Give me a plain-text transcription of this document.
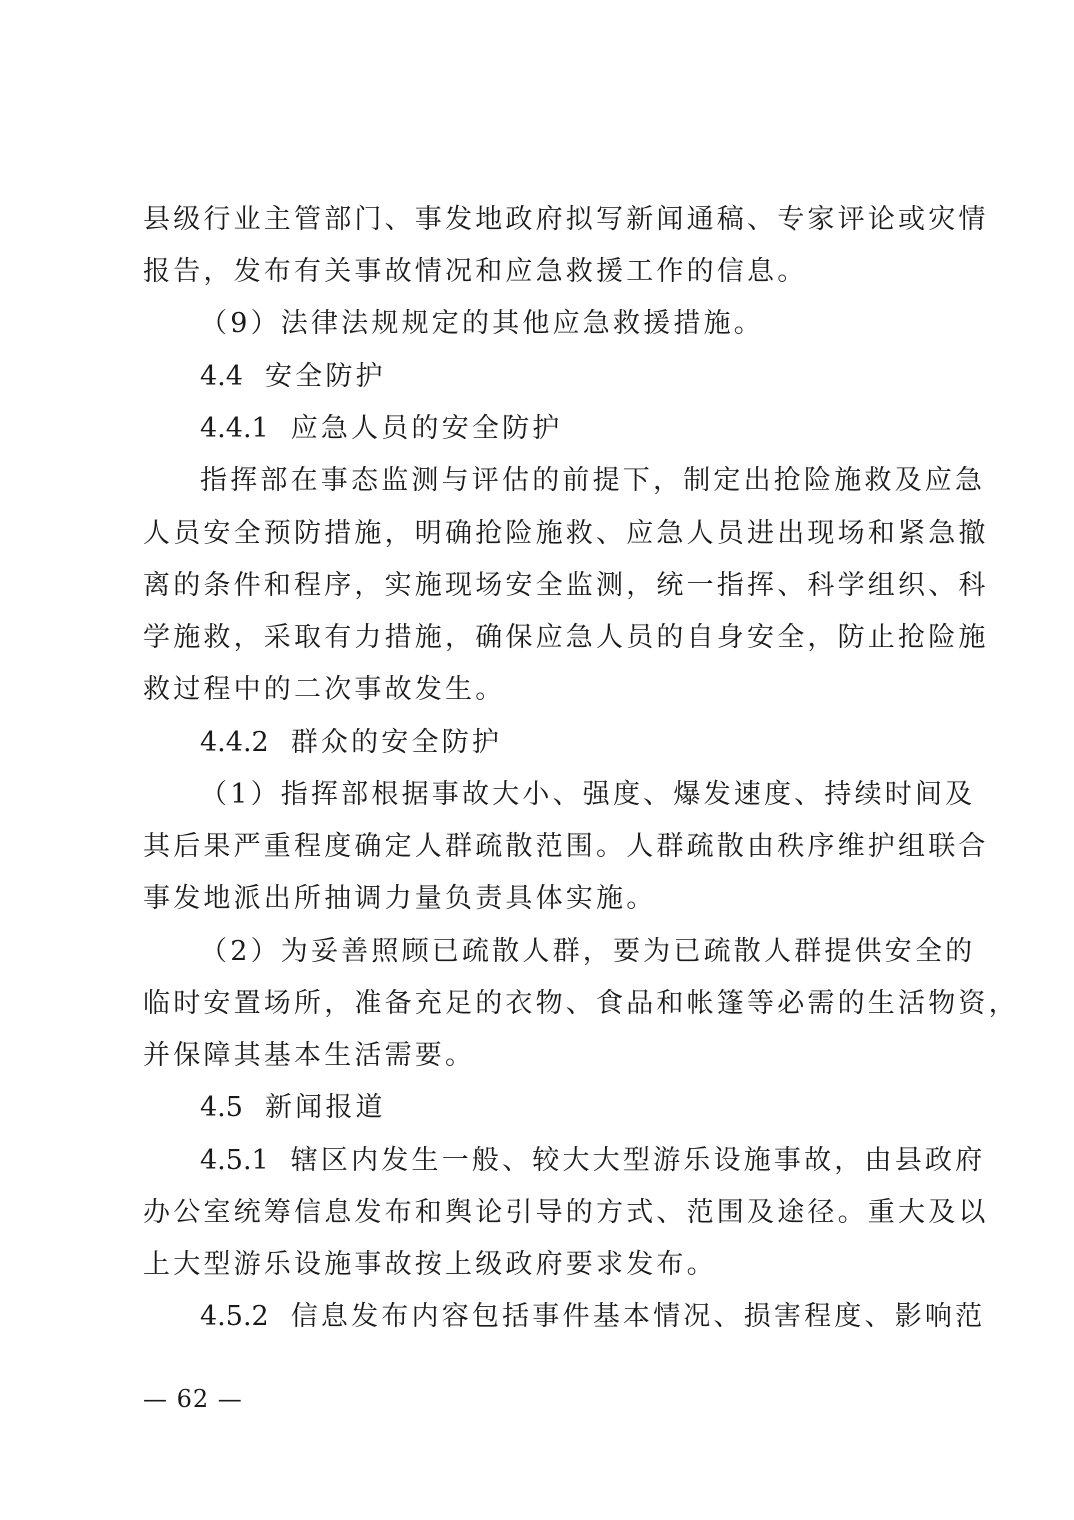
县级行业主管部门、事发地政府拟写新闻通稿、专家评论或灾情
报告，发布有关事故情况和应急救援工作的信息。
（9）法律法规规定的其他应急救援措施。
4.4 安全防护
4.4.1 应急人员的安全防护
指挥部在事态监测与评估的前提下，制定出抢险施救及应急
人员安全预防措施，明确抢险施救、应急人员进出现场和紧急撤
离的条件和程序，实施现场安全监测，统一指挥、科学组织、科
学施救，采取有力措施，确保应急人员的自身安全，防止抢险施
救过程中的二次事故发生。
4.4.2 群众的安全防护
（1）指挥部根据事故大小、强度、爆发速度、持续时间及
其后果严重程度确定人群疏散范围。人群疏散由秩序维护组联合
事发地派出所抽调力量负责具体实施。
（2）为妥善照顾已疏散人群，要为已疏散人群提供安全的
临时安置场所，准备充足的衣物、食品和帐篷等必需的生活物资，
并保障其基本生活需要。
4.5 新闻报道
4.5.1 辖区内发生一般、较大大型游乐设施事故，由县政府
办公室统筹信息发布和舆论引导的方式、范围及途径。重大及以
上大型游乐设施事故按上级政府要求发布。
4.5.2 信息发布内容包括事件基本情况、损害程度、影响范
— 62 —
